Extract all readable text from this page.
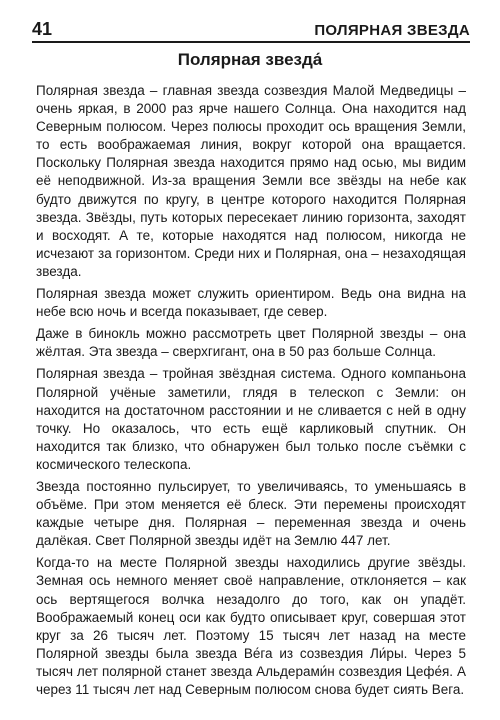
41	ПОЛЯРНАЯ ЗВЕЗДА
Полярная звезда́

Полярная звезда – главная звезда созвездия Малой Медведицы – очень яркая, в 2000 раз ярче нашего Солнца. Она находится над Северным полюсом. Через полюсы проходит ось вращения Земли, то есть воображаемая линия, вокруг которой она вращается. Поскольку Полярная звезда находится прямо над осью, мы видим её неподвижной. Из-за вращения Земли все звёзды на небе как будто движутся по кругу, в центре которого находится Полярная звезда. Звёзды, путь которых пересекает линию горизонта, заходят и восходят. А те, которые находятся над полюсом, никогда не исчезают за горизонтом. Среди них и Полярная, она – незаходящая звезда.

Полярная звезда может служить ориентиром. Ведь она видна на небе всю ночь и всегда показывает, где север.

Даже в бинокль можно рассмотреть цвет Полярной звезды – она жёлтая. Эта звезда – сверхгигант, она в 50 раз больше Солнца.

Полярная звезда – тройная звёздная система. Одного компаньона Полярной учёные заметили, глядя в телескоп с Земли: он находится на достаточном расстоянии и не сливается с ней в одну точку. Но оказалось, что есть ещё карликовый спутник. Он находится так близко, что обнаружен был только после съёмки с космического телескопа.

Звезда постоянно пульсирует, то увеличиваясь, то уменьшаясь в объёме. При этом меняется её блеск. Эти перемены происходят каждые четыре дня. Полярная – переменная звезда и очень далёкая. Свет Полярной звезды идёт на Землю 447 лет.

Когда-то на месте Полярной звезды находились другие звёзды. Земная ось немного меняет своё направление, отклоняется – как ось вертящегося волчка незадолго до того, как он упадёт. Воображаемый конец оси как будто описывает круг, совершая этот круг за 26 тысяч лет. Поэтому 15 тысяч лет назад на месте Полярной звезды была звезда Ве́га из созвездия Ли́ры. Через 5 тысяч лет полярной станет звезда Альдерами́н созвездия Цефе́я. А через 11 тысяч лет над Северным полюсом снова будет сиять Вега.
